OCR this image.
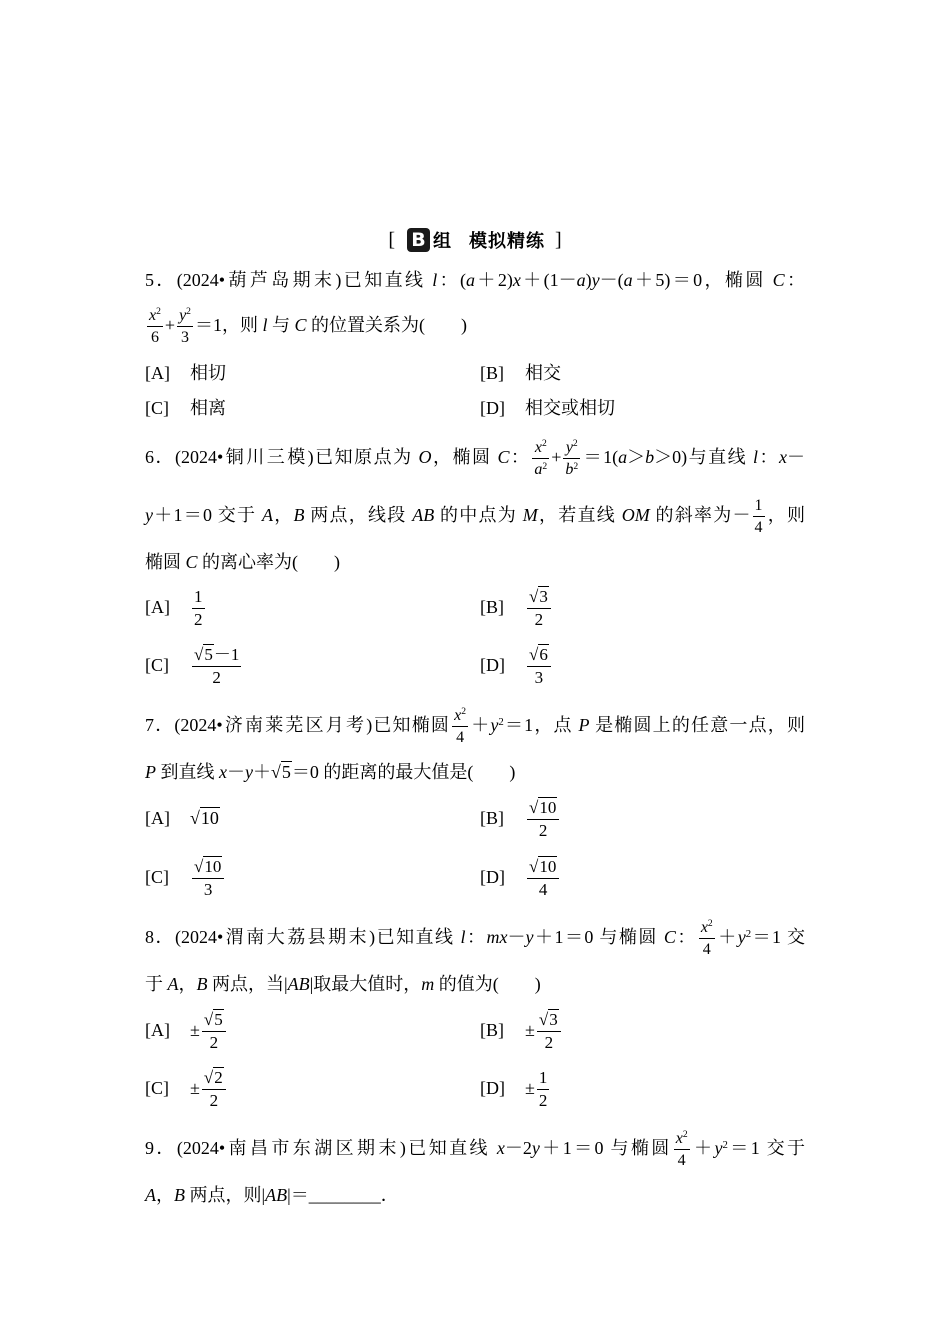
[ B 组 模拟精练 ]
5．(2024•葫芦岛期末)已知直线 l：(a＋2)x＋(1－a)y－(a＋5)＝0，椭圆 C：
$\frac{x^2}{6} + \frac{y^2}{3} =1$，则 l 与 C 的位置关系为(　　)
[A] 相切	[B] 相交
[C] 相离	[D] 相交或相切
6．(2024•铜川三模)已知原点为 O，椭圆 C： $\frac{x^2}{a^2} + \frac{y^2}{b^2} =1(a>b>0)$与直线 l：x－
y＋1＝0 交于 A，B 两点，线段 AB 的中点为 M，若直线 OM 的斜率为－ $\frac{1}{4}$ ，则
椭圆 C 的离心率为(　　)
$[A] \frac{1}{2}$	$[B] \frac{√3}{2}$
$[C] \frac{√5-1}{2}$	$[D] \frac{√6}{3}$
7．(2024•济南莱芜区月考)已知椭圆 $\frac{x^2}{4} +y^2=1$，点 P 是椭圆上的任意一点，则
P 到直线 x－y＋√5＝0 的距离的最大值是(　　)
[A] √10	$[B] \frac{√10}{2}$
$[C] \frac{√10}{3}$	$[D] \frac{√10}{4}$
8．(2024•渭南大荔县期末)已知直线 l：mx－y＋1＝0 与椭圆 C： $\frac{x^2}{4} +y^2=1$ 交
于 A，B 两点，当|AB|取最大值时，m 的值为(　　)
$[A] \pm \frac{√5}{2}$	$[B] \pm \frac{√3}{2}$
$[C] \pm \frac{√2}{2}$	$[D] \pm \frac{1}{2}$
9．(2024•南昌市东湖区期末)已知直线 x－2y＋1＝0 与椭圆 $\frac{x^2}{4} +y^2=1$ 交于
A，B 两点，则|AB|＝________．
